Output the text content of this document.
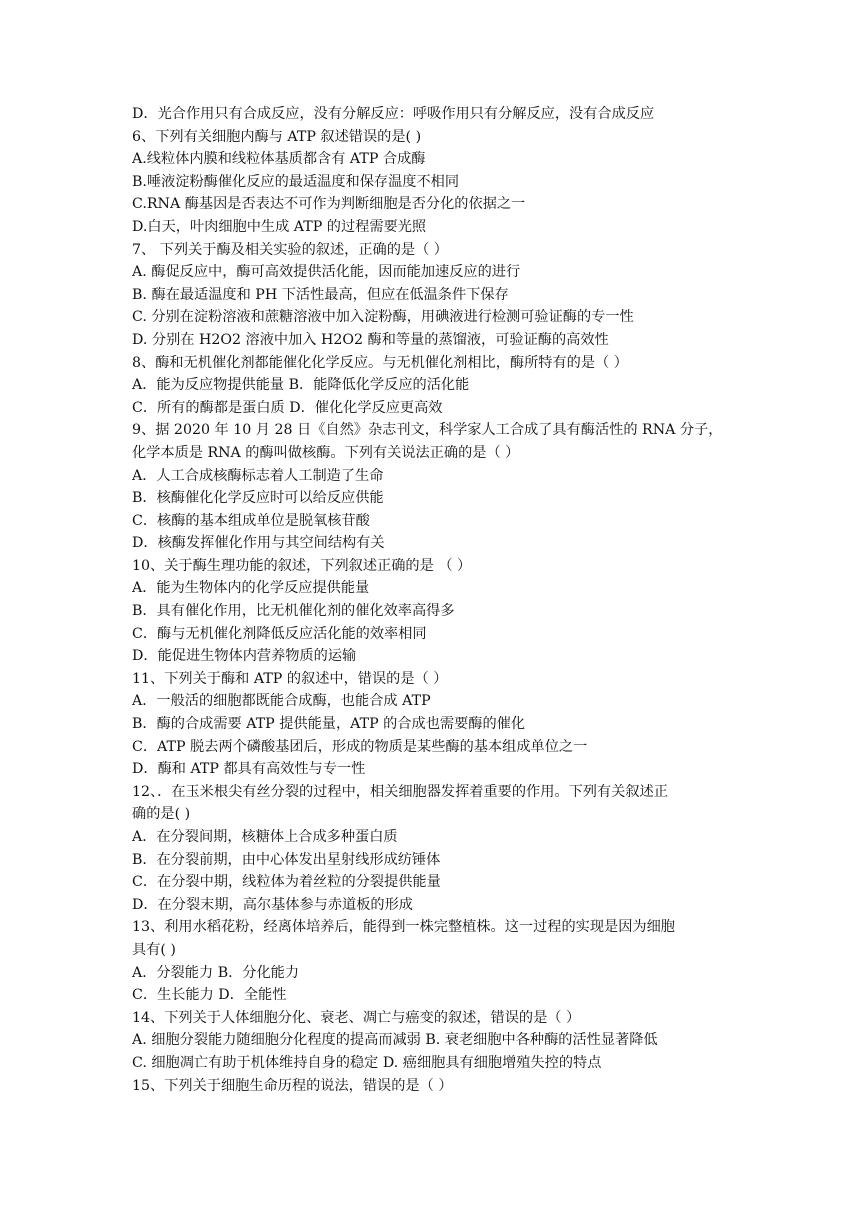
D．光合作用只有合成反应，没有分解反应：呼吸作用只有分解反应，没有合成反应
6、下列有关细胞内酶与 ATP 叙述错误的是( )
A.线粒体内膜和线粒体基质都含有 ATP 合成酶
B.唾液淀粉酶催化反应的最适温度和保存温度不相同
C.RNA 酶基因是否表达不可作为判断细胞是否分化的依据之一
D.白天，叶肉细胞中生成 ATP 的过程需要光照
7、 下列关于酶及相关实验的叙述，正确的是（ ）
A. 酶促反应中，酶可高效提供活化能，因而能加速反应的进行
B. 酶在最适温度和 PH 下活性最高，但应在低温条件下保存
C. 分别在淀粉溶液和蔗糖溶液中加入淀粉酶，用碘液进行检测可验证酶的专一性
D. 分别在 H2O2 溶液中加入 H2O2 酶和等量的蒸馏液，可验证酶的高效性
8、酶和无机催化剂都能催化化学反应。与无机催化剂相比，酶所特有的是（ ）
A．能为反应物提供能量 B．能降低化学反应的活化能
C．所有的酶都是蛋白质 D．催化化学反应更高效
9、据 2020 年 10 月 28 日《自然》杂志刊文，科学家人工合成了具有酶活性的 RNA 分子，
化学本质是 RNA 的酶叫做核酶。下列有关说法正确的是（ ）
A．人工合成核酶标志着人工制造了生命
B．核酶催化化学反应时可以给反应供能
C．核酶的基本组成单位是脱氧核苷酸
D．核酶发挥催化作用与其空间结构有关
10、关于酶生理功能的叙述，下列叙述正确的是 （ ）
A．能为生物体内的化学反应提供能量
B．具有催化作用，比无机催化剂的催化效率高得多
C．酶与无机催化剂降低反应活化能的效率相同
D．能促进生物体内营养物质的运输
11、下列关于酶和 ATP 的叙述中，错误的是（ ）
A．一般活的细胞都既能合成酶，也能合成 ATP
B．酶的合成需要 ATP 提供能量，ATP 的合成也需要酶的催化
C．ATP 脱去两个磷酸基团后，形成的物质是某些酶的基本组成单位之一
D．酶和 ATP 都具有高效性与专一性
12、．在玉米根尖有丝分裂的过程中，相关细胞器发挥着重要的作用。下列有关叙述正
确的是( )
A．在分裂间期，核糖体上合成多种蛋白质
B．在分裂前期，由中心体发出星射线形成纺锤体
C．在分裂中期，线粒体为着丝粒的分裂提供能量
D．在分裂末期，高尔基体参与赤道板的形成
13、利用水稻花粉，经离体培养后，能得到一株完整植株。这一过程的实现是因为细胞
具有( )
A．分裂能力 B．分化能力
C．生长能力 D．全能性
14、下列关于人体细胞分化、衰老、凋亡与癌变的叙述，错误的是（ ）
A. 细胞分裂能力随细胞分化程度的提高而减弱 B. 衰老细胞中各种酶的活性显著降低
C. 细胞凋亡有助于机体维持自身的稳定 D. 癌细胞具有细胞增殖失控的特点
15、下列关于细胞生命历程的说法，错误的是（ ）
